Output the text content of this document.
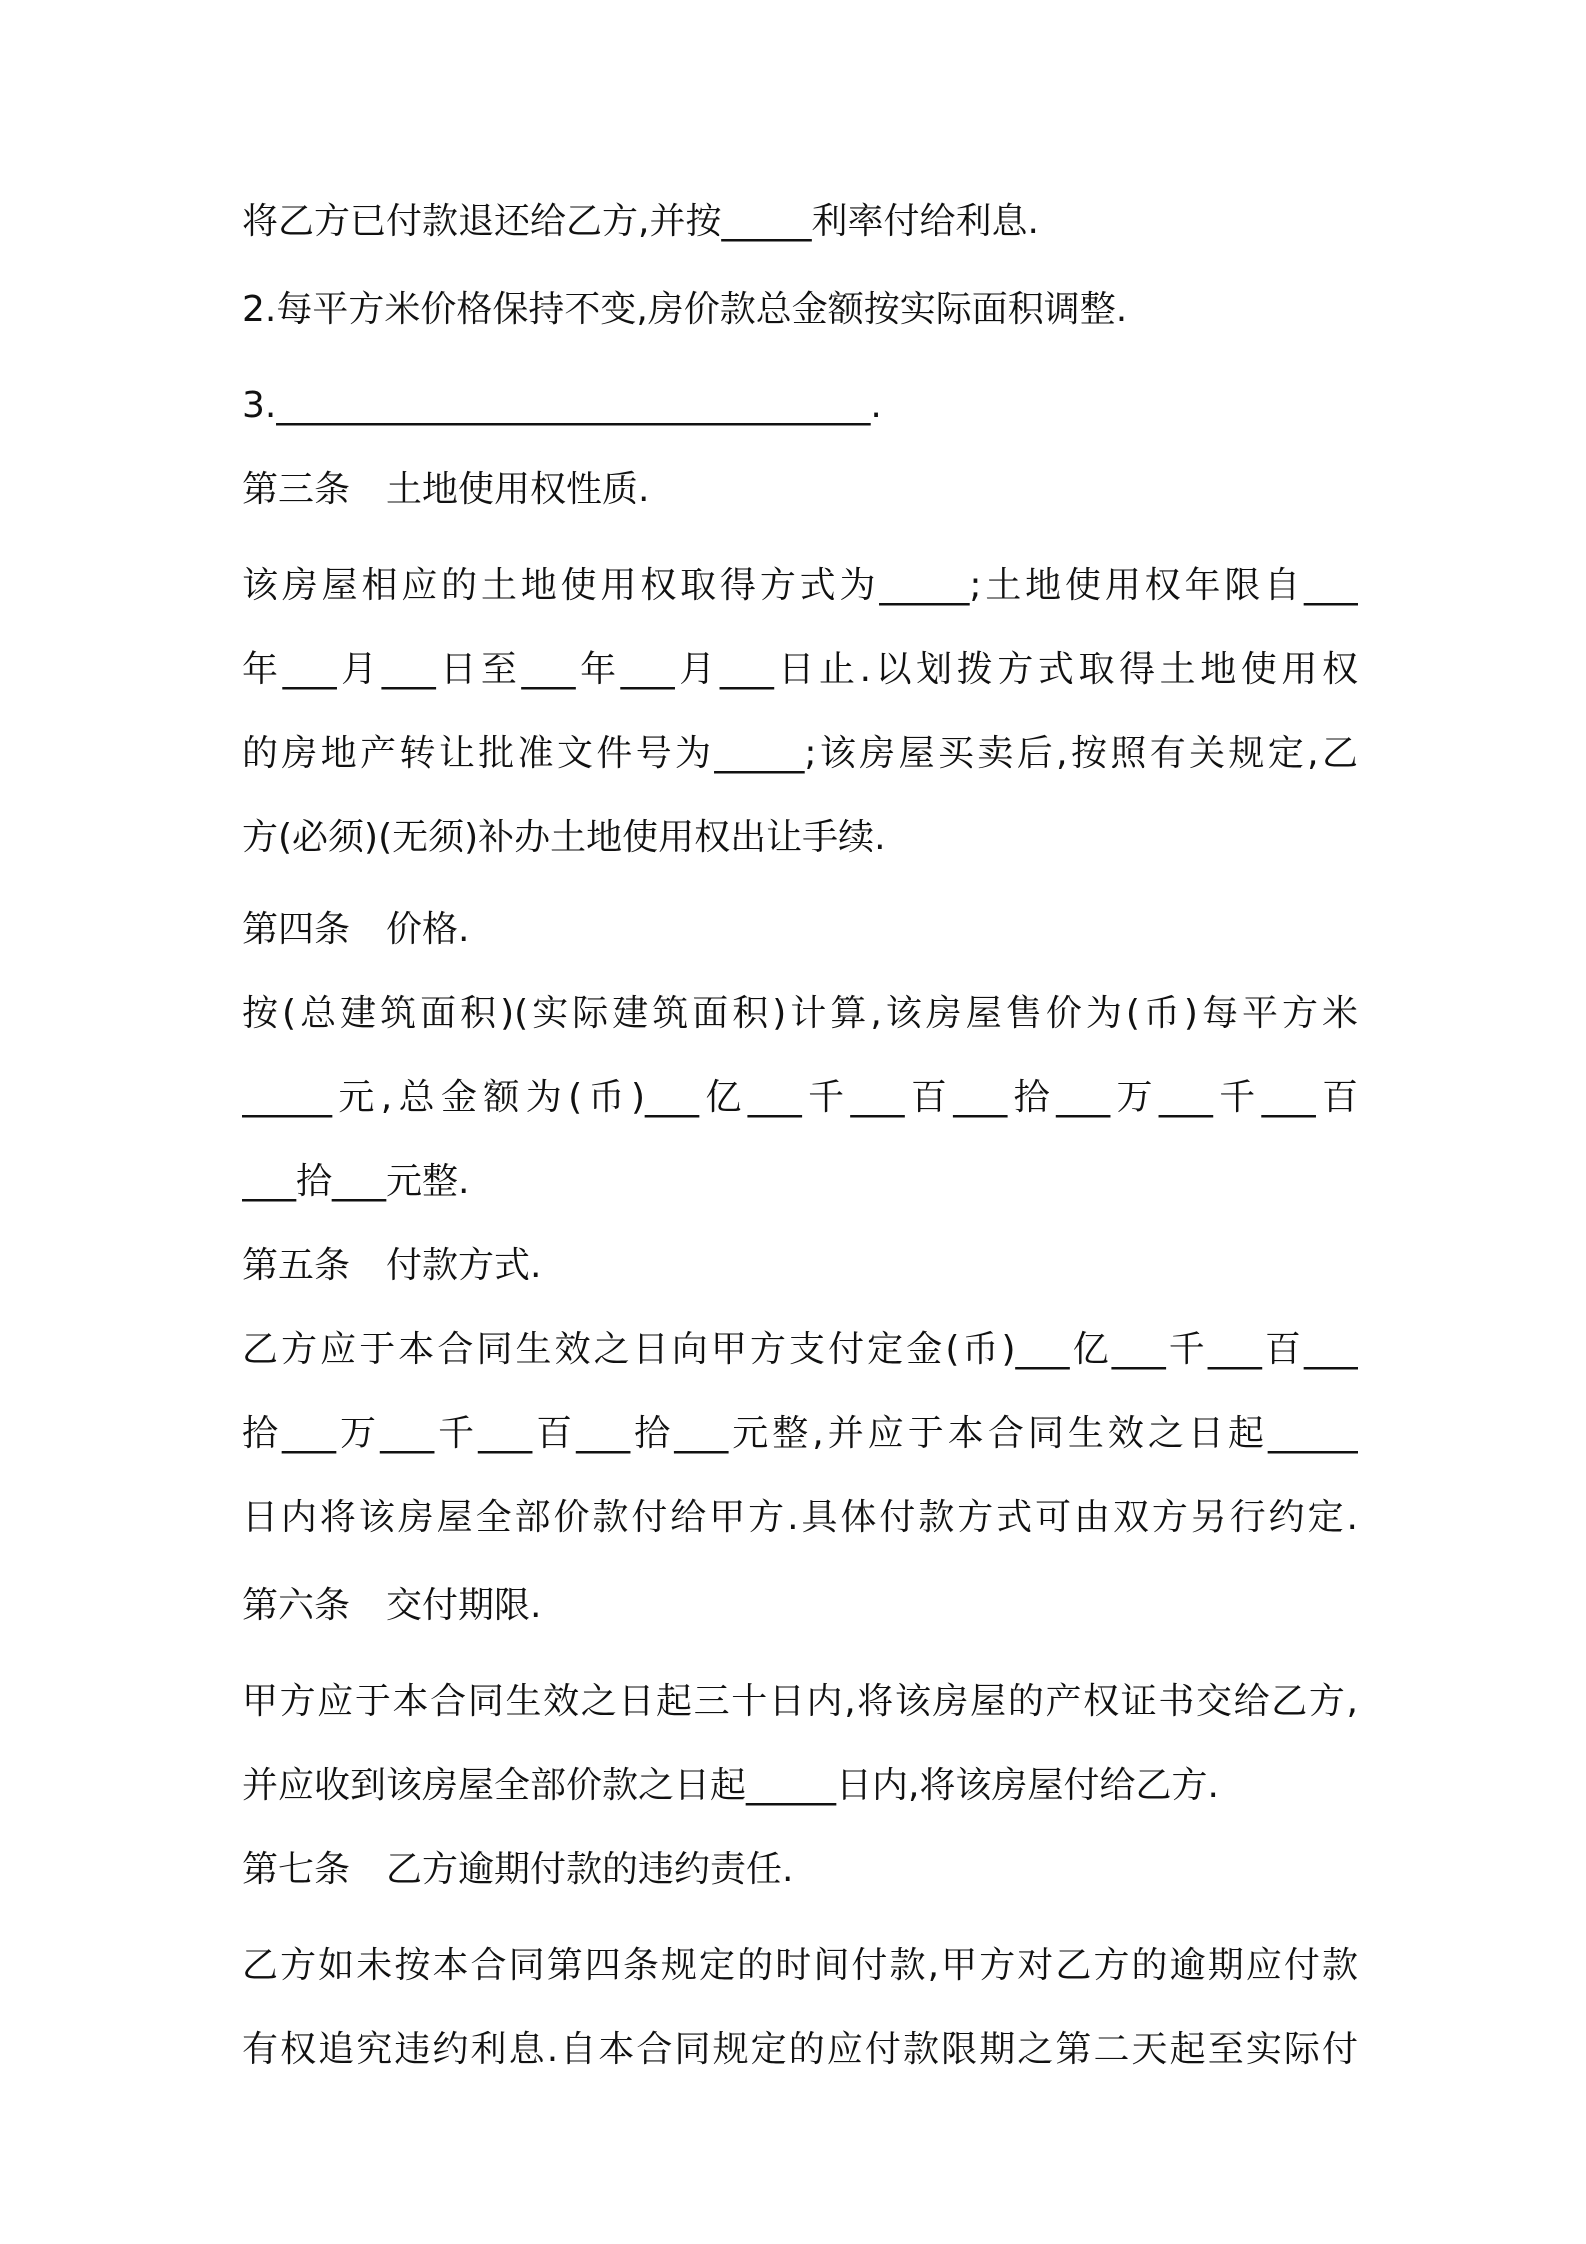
将乙方已付款退还给乙方,并按_____利率付给利息.

2.每平方米价格保持不变,房价款总金额按实际面积调整.

3._________________________________.

第三条　土地使用权性质.

该房屋相应的土地使用权取得方式为_____;土地使用权年限自___

年___月___日至___年___月___日止.以划拨方式取得土地使用权

的房地产转让批准文件号为_____;该房屋买卖后,按照有关规定,乙

方(必须)(无须)补办土地使用权出让手续.

第四条　价格.

按(总建筑面积)(实际建筑面积)计算,该房屋售价为(币)每平方米

_____元,总金额为(币)___亿___千___百___拾___万___千___百

___拾___元整.

第五条　付款方式.

乙方应于本合同生效之日向甲方支付定金(币)___亿___千___百___

拾___万___千___百___拾___元整,并应于本合同生效之日起_____

日内将该房屋全部价款付给甲方.具体付款方式可由双方另行约定.

第六条　交付期限.

甲方应于本合同生效之日起三十日内,将该房屋的产权证书交给乙方,

并应收到该房屋全部价款之日起_____日内,将该房屋付给乙方.

第七条　乙方逾期付款的违约责任.

乙方如未按本合同第四条规定的时间付款,甲方对乙方的逾期应付款

有权追究违约利息.自本合同规定的应付款限期之第二天起至实际付
